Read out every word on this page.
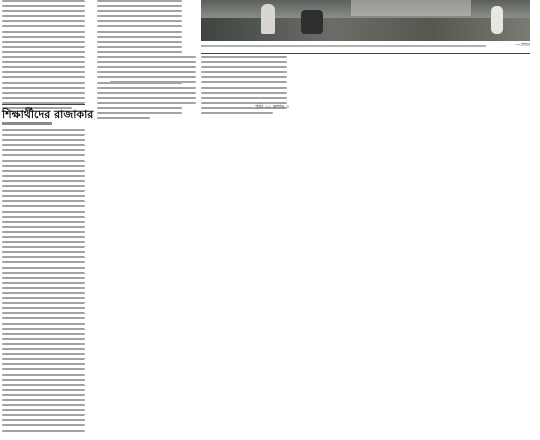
শিক্ষার্থীদের রাজাকার
—প্রথম
পৃষ্ঠা ১২ কলাম ৩
